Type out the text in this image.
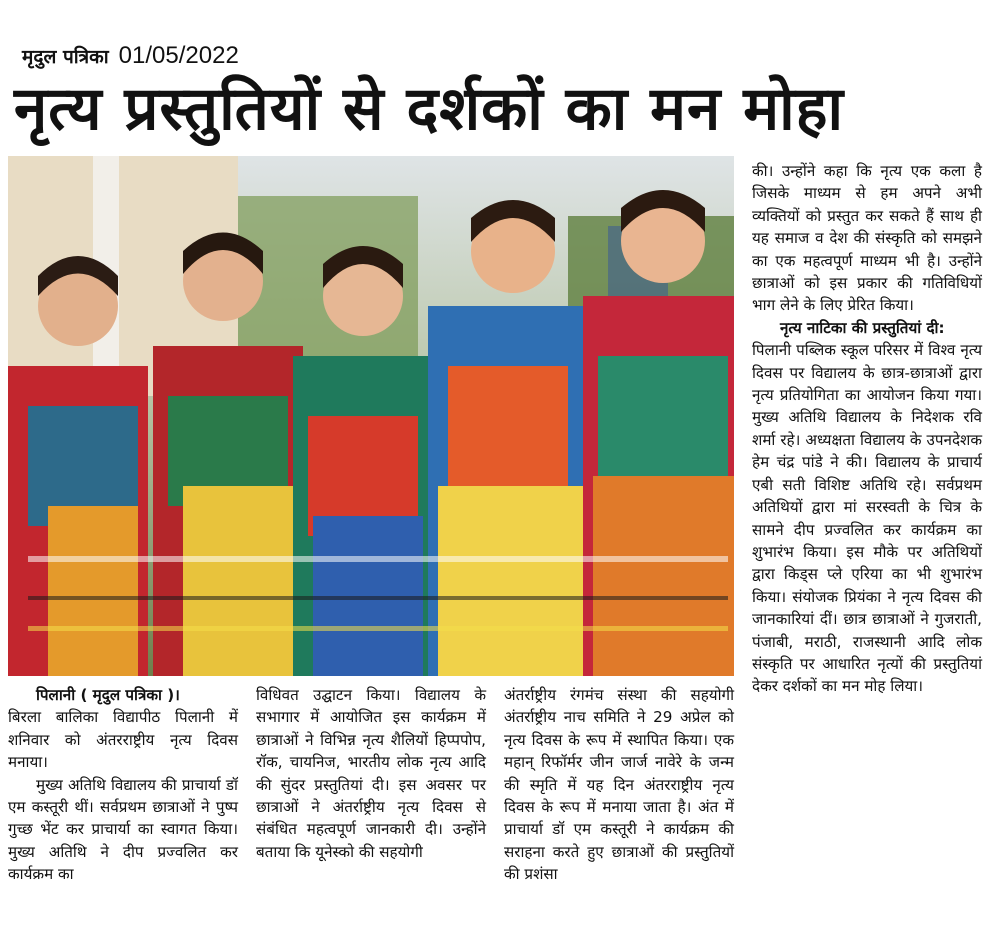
मृदुल पत्रिका 01/05/2022
नृत्य प्रस्तुतियों से दर्शकों का मन मोहा

पिलानी ( मृदुल पत्रिका )।

बिरला बालिका विद्यापीठ पिलानी में शनिवार को अंतरराष्ट्रीय नृत्य दिवस मनाया।

मुख्य अतिथि विद्यालय की प्राचार्या डॉ एम कस्तूरी थीं। सर्वप्रथम छात्राओं ने पुष्प गुच्छ भेंट कर प्राचार्या का स्वागत किया। मुख्य अतिथि ने दीप प्रज्वलित कर कार्यक्रम का

विधिवत उद्घाटन किया। विद्यालय के सभागार में आयोजित इस कार्यक्रम में छात्राओं ने विभिन्न नृत्य शैलियों हिप्पपोप, रॉक, चायनिज, भारतीय लोक नृत्य आदि की सुंदर प्रस्तुतियां दी। इस अवसर पर छात्राओं ने अंतर्राष्ट्रीय नृत्य दिवस से संबंधित महत्वपूर्ण जानकारी दी। उन्होंने बताया कि यूनेस्को की सहयोगी

अंतर्राष्ट्रीय रंगमंच संस्था की सहयोगी अंतर्राष्ट्रीय नाच समिति ने 29 अप्रेल को नृत्य दिवस के रूप में स्थापित किया। एक महान् रिफॉर्मर जीन जार्ज नावेरे के जन्म की स्मृति में यह दिन अंतरराष्ट्रीय नृत्य दिवस के रूप में मनाया जाता है। अंत में प्राचार्या डॉ एम कस्तूरी ने कार्यक्रम की सराहना करते हुए छात्राओं की प्रस्तुतियों की प्रशंसा

की। उन्होंने कहा कि नृत्य एक कला है जिसके माध्यम से हम अपने अभी व्यक्तियों को प्रस्तुत कर सकते हैं साथ ही यह समाज व देश की संस्कृति को समझने का एक महत्वपूर्ण माध्यम भी है। उन्होंने छात्राओं को इस प्रकार की गतिविधियों भाग लेने के लिए प्रेरित किया।

नृत्य नाटिका की प्रस्तुतियां दी:

पिलानी पब्लिक स्कूल परिसर में विश्व नृत्य दिवस पर विद्यालय के छात्र-छात्राओं द्वारा नृत्य प्रतियोगिता का आयोजन किया गया। मुख्य अतिथि विद्यालय के निदेशक रवि शर्मा रहे। अध्यक्षता विद्यालय के उपनदेशक हेम चंद्र पांडे ने की। विद्यालय के प्राचार्य एबी सती विशिष्ट अतिथि रहे। सर्वप्रथम अतिथियों द्वारा मां सरस्वती के चित्र के सामने दीप प्रज्वलित कर कार्यक्रम का शुभारंभ किया। इस मौके पर अतिथियों द्वारा किड्स प्ले एरिया का भी शुभारंभ किया। संयोजक प्रियंका ने नृत्य दिवस की जानकारियां दीं। छात्र छात्राओं ने गुजराती, पंजाबी, मराठी, राजस्थानी आदि लोक संस्कृति पर आधारित नृत्यों की प्रस्तुतियां देकर दर्शकों का मन मोह लिया।
